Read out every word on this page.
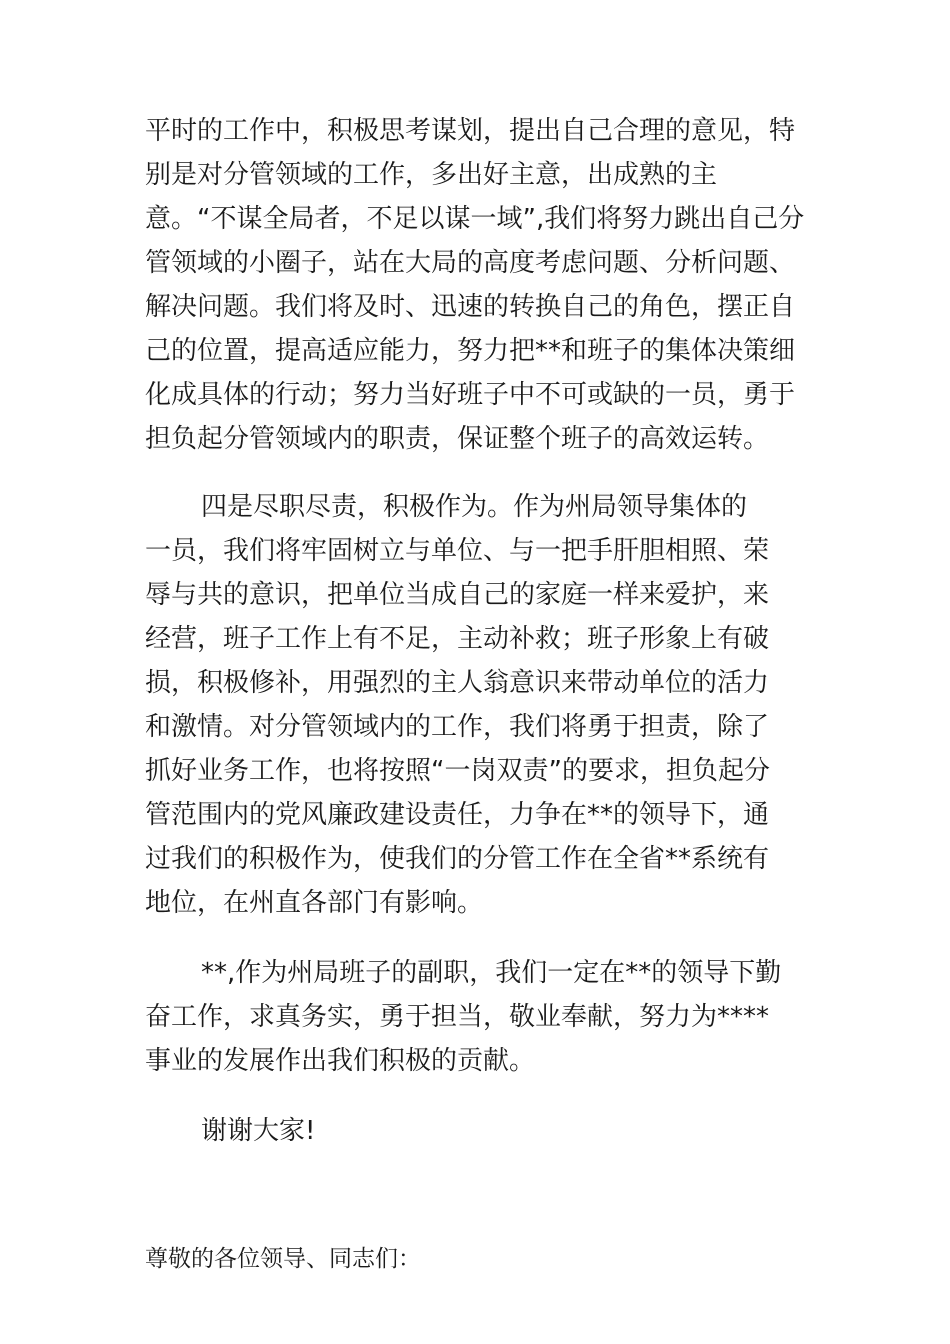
平时的工作中，积极思考谋划，提出自己合理的意见，特
别是对分管领域的工作，多出好主意，出成熟的主
意。“不谋全局者，不足以谋一域”,我们将努力跳出自己分
管领域的小圈子，站在大局的高度考虑问题、分析问题、
解决问题。我们将及时、迅速的转换自己的角色，摆正自
己的位置，提高适应能力，努力把**和班子的集体决策细
化成具体的行动；努力当好班子中不可或缺的一员，勇于
担负起分管领域内的职责，保证整个班子的高效运转。
四是尽职尽责，积极作为。作为州局领导集体的
一员，我们将牢固树立与单位、与一把手肝胆相照、荣
辱与共的意识，把单位当成自己的家庭一样来爱护，来
经营，班子工作上有不足，主动补救；班子形象上有破
损，积极修补，用强烈的主人翁意识来带动单位的活力
和激情。对分管领域内的工作，我们将勇于担责，除了
抓好业务工作，也将按照“一岗双责”的要求，担负起分
管范围内的党风廉政建设责任，力争在**的领导下，通
过我们的积极作为，使我们的分管工作在全省**系统有
地位，在州直各部门有影响。
**,作为州局班子的副职，我们一定在**的领导下勤
奋工作，求真务实，勇于担当，敬业奉献，努力为****
事业的发展作出我们积极的贡献。
谢谢大家!
尊敬的各位领导、同志们：
